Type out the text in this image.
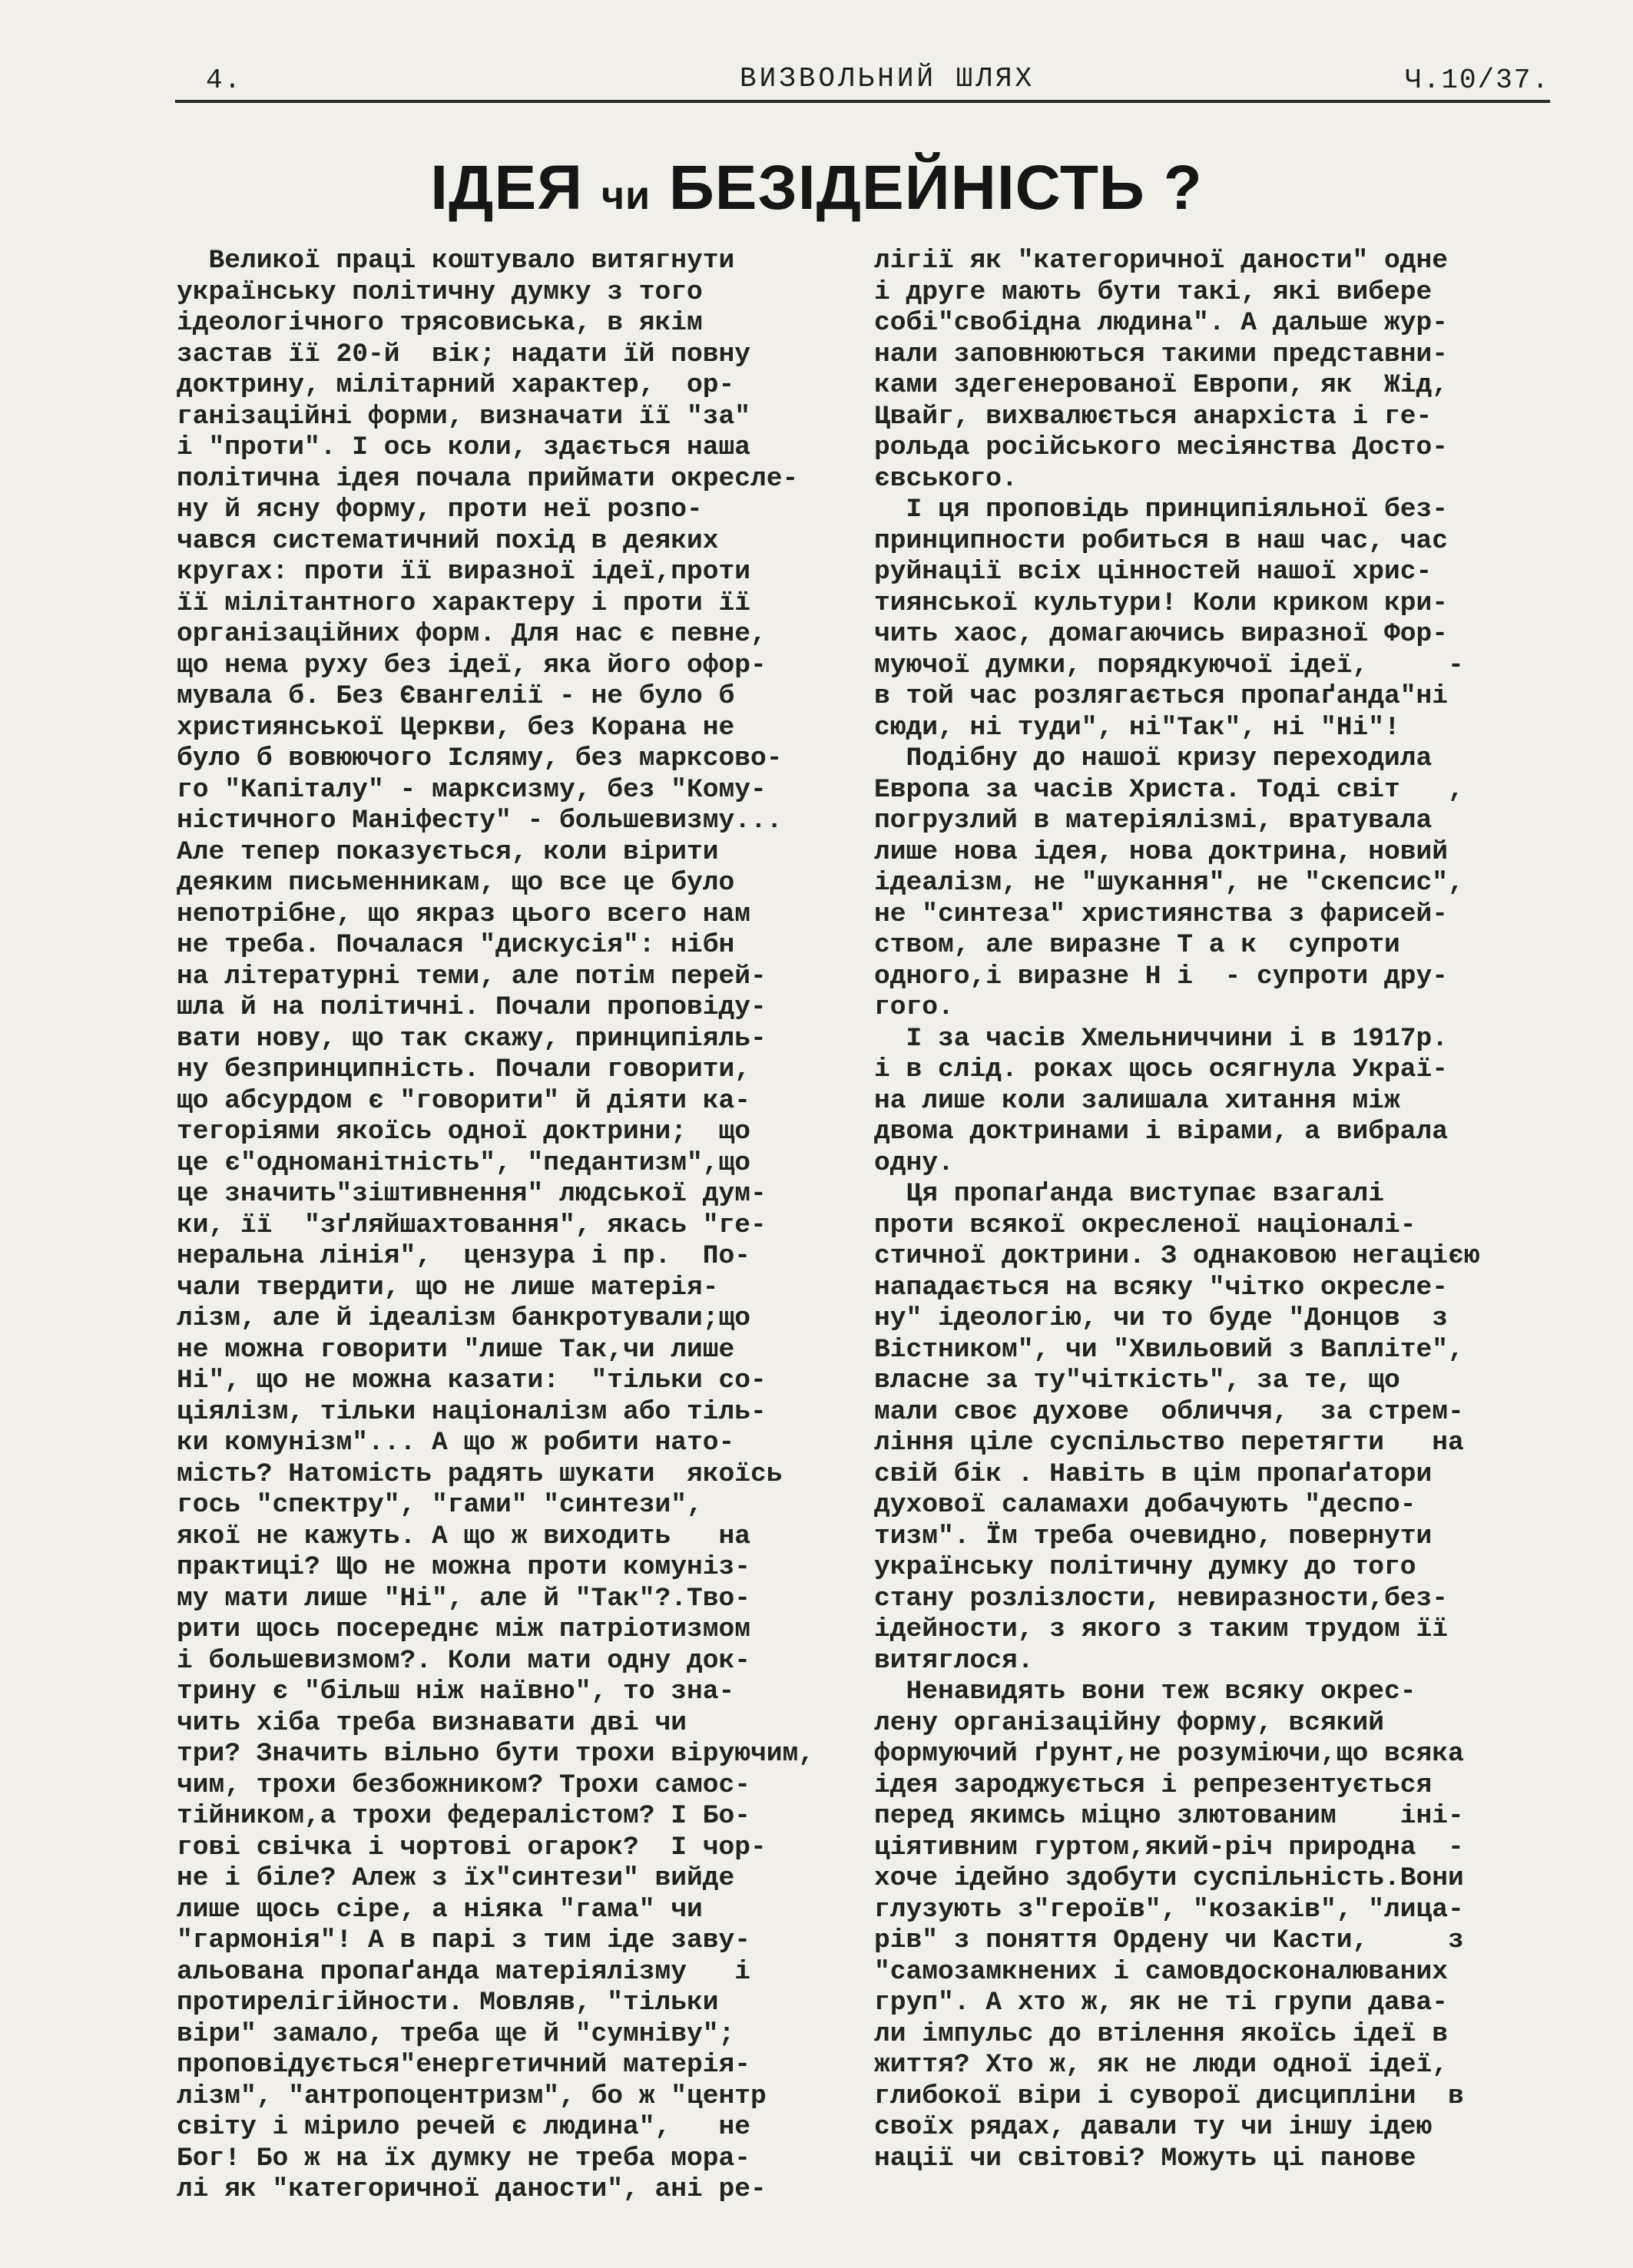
4.	ВИЗВОЛЬНИЙ ШЛЯХ	Ч.10/37.
ІДЕЯ чи БЕЗІДЕЙНІСТЬ ?

Великої праці коштувало витягнути

українську політичну думку з того

ідеологічного трясовиська, в якім

застав її 20-й  вік; надати їй повну

доктрину, мілітарний характер,  ор-

ганізаційні форми, визначати її "за"

і "проти". І ось коли, здається наша

політична ідея почала приймати окресле-

ну й ясну форму, проти неї розпо-

чався систематичний похід в деяких

кругах: проти її виразної ідеї,проти

її мілітантного характеру і проти її

організаційних форм. Для нас є певне,

що нема руху без ідеї, яка його офор-

мувала б. Без Євангелії - не було б

християнської Церкви, без Корана не

було б вовюючого Ісляму, без марксово-

го "Капіталу" - марксизму, без "Кому-

ністичного Маніфесту" - большевизму...

Але тепер показується, коли вірити

деяким письменникам, що все це було

непотрібне, що якраз цього всего нам

не треба. Почалася "дискусія": нібн

на літературні теми, але потім перей-

шла й на політичні. Почали проповіду-

вати нову, що так скажу, принципіяль-

ну безпринципність. Почали говорити,

що абсурдом є "говорити" й діяти ка-

тегоріями якоїсь одної доктрини;  що

це є"одноманітність", "педантизм",що

це значить"зіштивнення" людської дум-

ки, її  "зґляйшахтовання", якась "ге-

неральна лінія",  цензура і пр.  По-

чали твердити, що не лише матерія-

лізм, але й ідеалізм банкротували;що

не можна говорити "лише Так,чи лише

Ні", що не можна казати:  "тільки со-

ціялізм, тільки націоналізм або тіль-

ки комунізм"... А що ж робити нато-

мість? Натомість радять шукати  якоїсь

гось "спектру", "гами" "синтези",

якої не кажуть. А що ж виходить   на

практиці? Що не можна проти комуніз-

му мати лише "Ні", але й "Так"?.Тво-

рити щось посереднє між патріотизмом

і большевизмом?. Коли мати одну док-

трину є "більш ніж наївно", то зна-

чить хіба треба визнавати дві чи

три? Значить вільно бути трохи віруючим,

чим, трохи безбожником? Трохи самос-

тійником,а трохи федералістом? І Бо-

гові свічка і чортові огарок?  І чор-

не і біле? Алеж з їх"синтези" вийде

лише щось сіре, а ніяка "гама" чи

"гармонія"! А в парі з тим іде заву-

альована пропаґанда матеріялізму   і

протирелігійности. Мовляв, "тільки

віри" замало, треба ще й "сумніву";

проповідується"енергетичний матерія-

лізм", "антропоцентризм", бо ж "центр

світу і мірило речей є людина",   не

Бог! Бо ж на їх думку не треба мора-

лі як "категоричної даности", ані ре-

лігії як "категоричної даности" одне

і друге мають бути такі, які вибере

собі"свобідна людина". А дальше жур-

нали заповнюються такими представни-

ками здегенерованої Европи, як  Жід,

Цвайг, вихвалюється анархіста і ге-

рольда російського месіянства Досто-

євського.

І ця проповідь принципіяльної без-

принципности робиться в наш час, час

руйнації всіх цінностей нашої хрис-

тиянської культури! Коли криком кри-

чить хаос, домагаючись виразної Фор-

муючої думки, порядкуючої ідеї,     -

в той час розлягається пропаґанда"ні

сюди, ні туди", ні"Так", ні "Ні"!

Подібну до нашої кризу переходила

Европа за часів Христа. Тоді світ   ,

погрузлий в матеріялізмі, вратувала

лише нова ідея, нова доктрина, новий

ідеалізм, не "шукання", не "скепсис",

не "синтеза" християнства з фарисей-

ством, але виразне Т а к  супроти

одного,і виразне Н і  - супроти дру-

гого.

І за часів Хмельниччини і в 1917р.

і в слід. роках щось осягнула Украї-

на лише коли залишала хитання між

двома доктринами і вірами, а вибрала

одну.

Ця пропаґанда виступає взагалі

проти всякої окресленої націоналі-

стичної доктрини. З однаковою негацією

нападається на всяку "чітко окресле-

ну" ідеологію, чи то буде "Донцов  з

Вістником", чи "Хвильовий з Вапліте",

власне за ту"чіткість", за те, що

мали своє духове  обличчя,  за стрем-

ління ціле суспільство перетягти   на

свій бік . Навіть в цім пропаґатори

духової саламахи добачують "деспо-

тизм". Їм треба очевидно, повернути

українську політичну думку до того

стану розлізлости, невиразности,без-

ідейности, з якого з таким трудом її

витяглося.

Ненавидять вони теж всяку окрес-

лену організаційну форму, всякий

формуючий ґрунт,не розуміючи,що всяка

ідея зароджується і репрезентується

перед якимсь міцно злютованим    іні-

ціятивним гуртом,який-річ природна  -

хоче ідейно здобути суспільність.Вони

глузують з"героїв", "козаків", "лица-

рів" з поняття Ордену чи Касти,     з

"самозамкнених і самовдосконалюваних

груп". А хто ж, як не ті групи дава-

ли імпульс до втілення якоїсь ідеї в

життя? Хто ж, як не люди одної ідеї,

глибокої віри і суворої дисципліни  в

своїх рядах, давали ту чи іншу ідею

нації чи світові? Можуть ці панове
